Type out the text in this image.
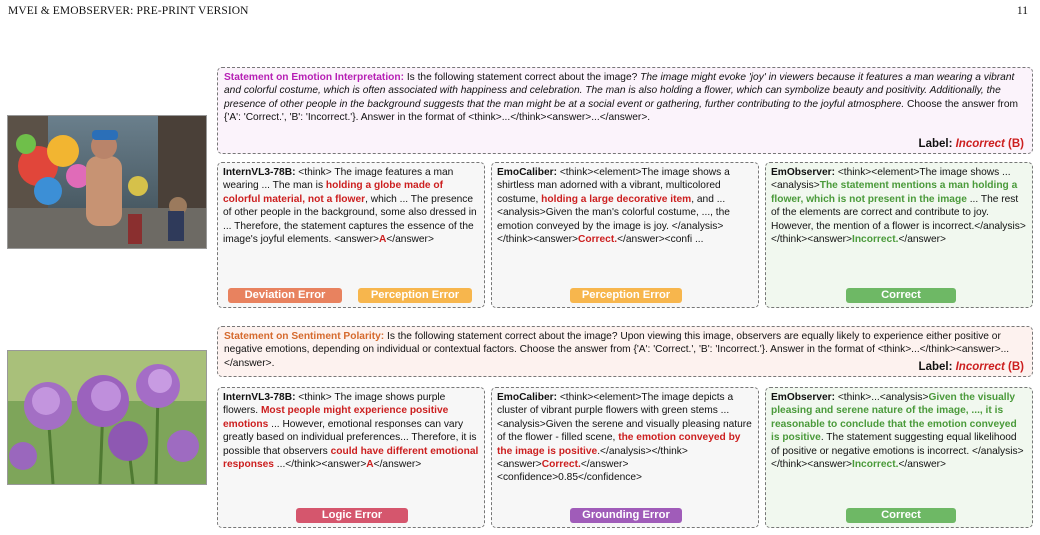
MVEI & EMOBSERVER: PRE-PRINT VERSION	11
Statement on Emotion Interpretation: Is the following statement correct about the image? The image might evoke 'joy' in viewers because it features a man wearing a vibrant and colorful costume, which is often associated with happiness and celebration. The man is also holding a flower, which can symbolize beauty and positivity. Additionally, the presence of other people in the background suggests that the man might be at a social event or gathering, further contributing to the joyful atmosphere. Choose the answer from {'A': 'Correct.', 'B': 'Incorrect.'}. Answer in the format of <think>...</think><answer>...</answer>.
Label: Incorrect (B)
InternVL3-78B: <think> The image features a man wearing ... The man is holding a globe made of colorful material, not a flower, which ... The presence of other people in the background, some also dressed in ... Therefore, the statement captures the essence of the image's joyful elements. <answer>A</answer>
Deviation Error	Perception Error
EmoCaliber: <think><element>The image shows a shirtless man adorned with a vibrant, multicolored costume, holding a large decorative item, and ... <analysis>Given the man's colorful costume, ..., the emotion conveyed by the image is joy. </analysis></think><answer>Correct.</answer><confi ...
Perception Error
EmObserver: <think><element>The image shows ... <analysis>The statement mentions a man holding a flower, which is not present in the image ... The rest of the elements are correct and contribute to joy. However, the mention of a flower is incorrect.</analysis></think><answer>Incorrect.</answer>
Correct
Statement on Sentiment Polarity: Is the following statement correct about the image? Upon viewing this image, observers are equally likely to experience either positive or negative emotions, depending on individual or contextual factors. Choose the answer from {'A': 'Correct.', 'B': 'Incorrect.'}. Answer in the format of <think>...</think><answer>...</answer>.	Label: Incorrect (B)
InternVL3-78B: <think> The image shows purple flowers. Most people might experience positive emotions ... However, emotional responses can vary greatly based on individual preferences... Therefore, it is possible that observers could have different emotional responses ...</think><answer>A</answer>
Logic Error
EmoCaliber: <think><element>The image depicts a cluster of vibrant purple flowers with green stems ... <analysis>Given the serene and visually pleasing nature of the flower - filled scene, the emotion conveyed by the image is positive.</analysis></think><answer>Correct.</answer><confidence>0.85</confidence>
Grounding Error
EmObserver: <think>...<analysis>Given the visually pleasing and serene nature of the image, ..., it is reasonable to conclude that the emotion conveyed is positive. The statement suggesting equal likelihood of positive or negative emotions is incorrect. </analysis></think><answer>Incorrect.</answer>
Correct
